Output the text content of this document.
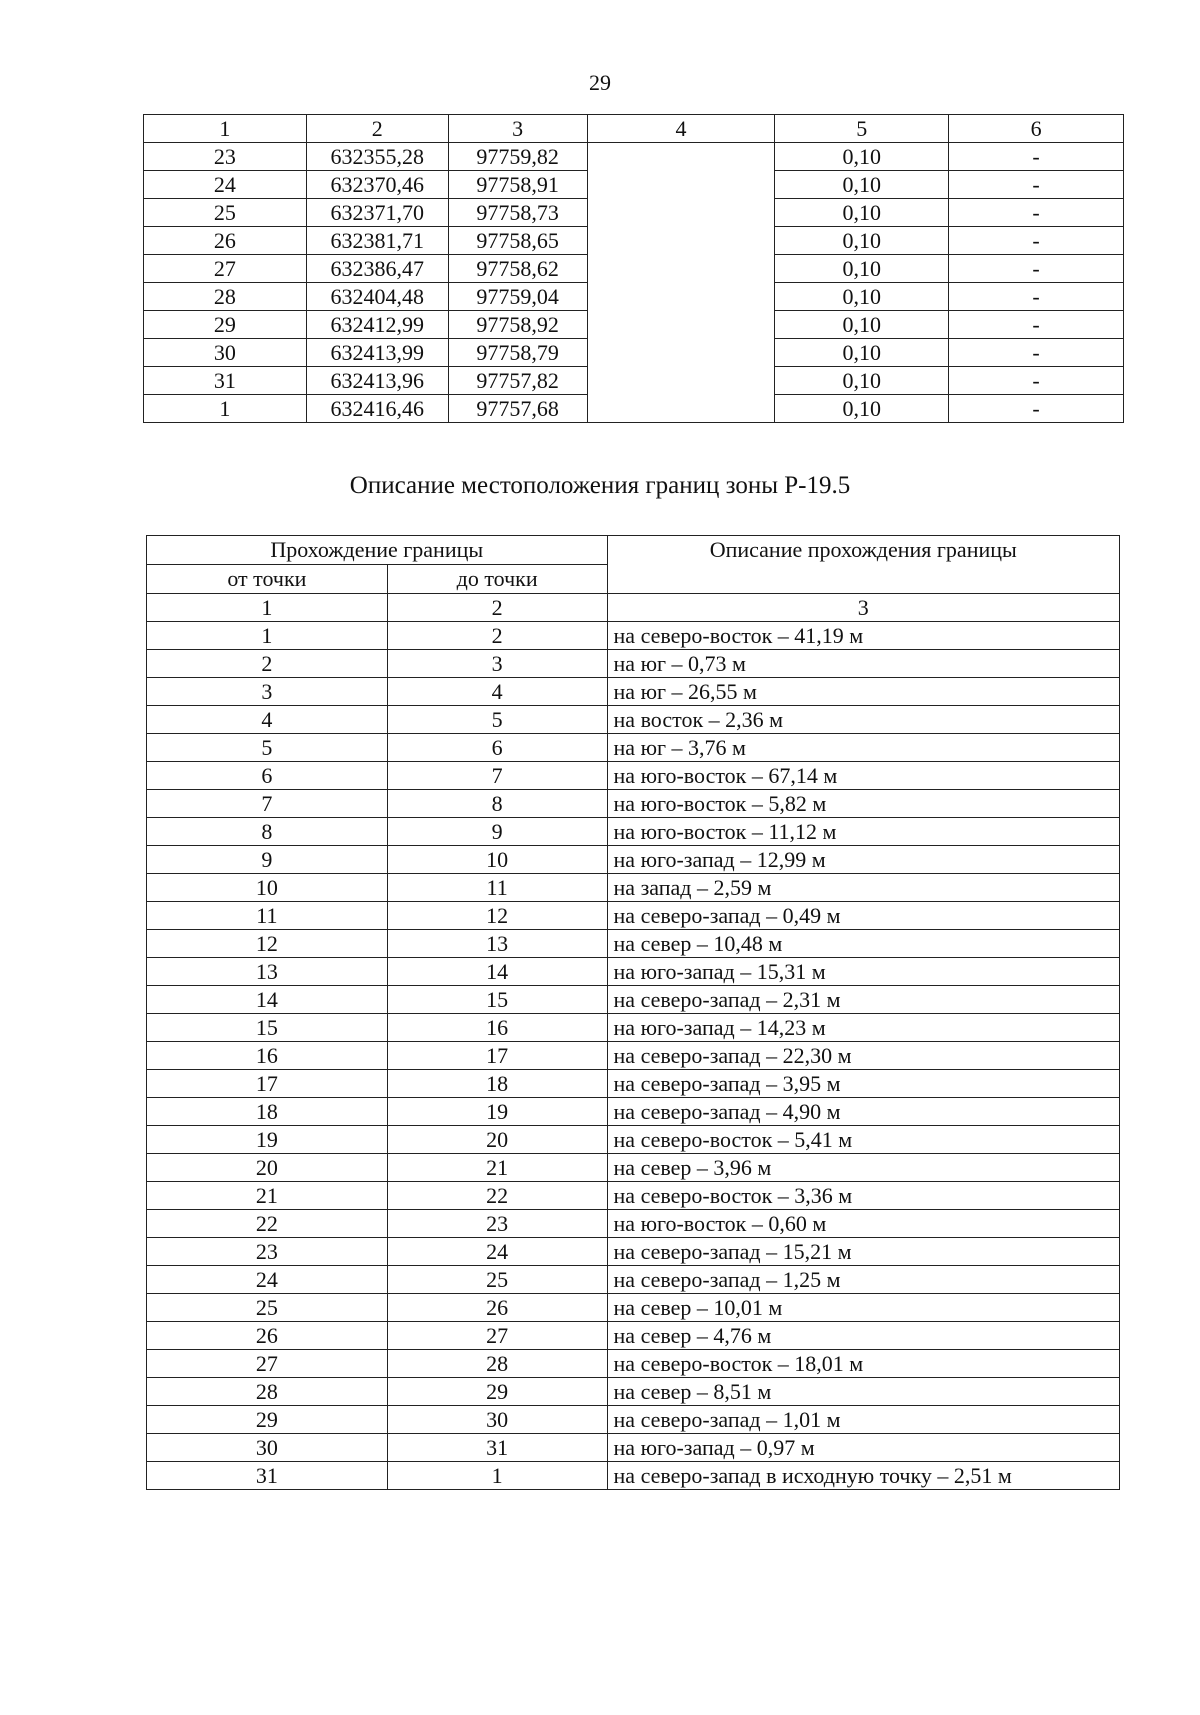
29
1	2	3	4	5	6
23	632355,28	97759,82		0,10	-
24	632370,46	97758,91		0,10	-
25	632371,70	97758,73		0,10	-
26	632381,71	97758,65		0,10	-
27	632386,47	97758,62		0,10	-
28	632404,48	97759,04		0,10	-
29	632412,99	97758,92		0,10	-
30	632413,99	97758,79		0,10	-
31	632413,96	97757,82		0,10	-
1	632416,46	97757,68		0,10	-
Описание местоположения границ зоны Р-19.5
Прохождение границы		Описание прохождения границы
от точки	до точки	
1	2	3
1	2	на северо-восток – 41,19 м
2	3	на юг – 0,73 м
3	4	на юг – 26,55 м
4	5	на восток – 2,36 м
5	6	на юг – 3,76 м
6	7	на юго-восток – 67,14 м
7	8	на юго-восток – 5,82 м
8	9	на юго-восток – 11,12 м
9	10	на юго-запад – 12,99 м
10	11	на запад – 2,59 м
11	12	на северо-запад – 0,49 м
12	13	на север – 10,48 м
13	14	на юго-запад – 15,31 м
14	15	на северо-запад – 2,31 м
15	16	на юго-запад – 14,23 м
16	17	на северо-запад – 22,30 м
17	18	на северо-запад – 3,95 м
18	19	на северо-запад – 4,90 м
19	20	на северо-восток – 5,41 м
20	21	на север – 3,96 м
21	22	на северо-восток – 3,36 м
22	23	на юго-восток – 0,60 м
23	24	на северо-запад – 15,21 м
24	25	на северо-запад – 1,25 м
25	26	на север – 10,01 м
26	27	на север – 4,76 м
27	28	на северо-восток – 18,01 м
28	29	на север – 8,51 м
29	30	на северо-запад – 1,01 м
30	31	на юго-запад – 0,97 м
31	1	на северо-запад в исходную точку – 2,51 м
